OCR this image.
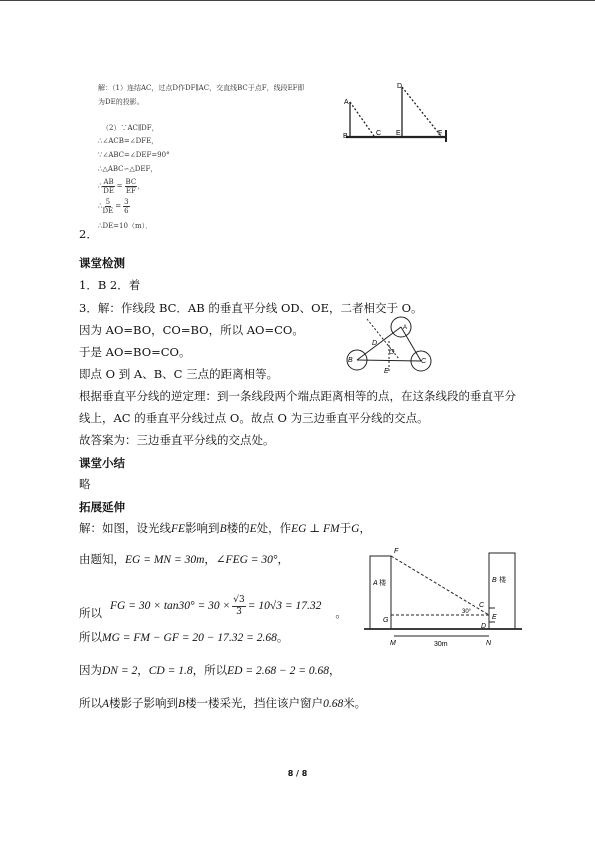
解：（1）连结AC，过点D作DF∥AC，交直线BC于点F，线段EF即
为DE的投影。
（2）∵AC∥DF，
∴∠ACB=∠DFE，
∵∠ABC=∠DEF=90°
∴△ABC∽△DEF，
∴ $\frac{AB}{DE} = \frac{BC}{EF}$ ，
∴ $\frac{5}{DE} = \frac{3}{6}$
∴DE=10（m）．
A
B	C
D
E	F
2．
课堂检测
1．B 2．着
3．解：作线段 BC．AB 的垂直平分线 OD、OE，二者相交于 O。
因为 AO=BO，CO=BO，所以 AO=CO。
于是 AO=BO=CO。
即点 O 到 A、B、C 三点的距离相等。
根据垂直平分线的逆定理：到一条线段两个端点距离相等的点，在这条线段的垂直平分
线上，AC 的垂直平分线过点 O。故点 O 为三边垂直平分线的交点。
故答案为：三边垂直平分线的交点处。
A
B	C
D
E
O
课堂小结
略
拓展延伸
解：如图，设光线FE影响到B楼的E处，作EG ⊥ FM于G，
由题知，EG = MN = 30m，∠FEG = 30°，
所以 FG = $30 \times \tan 30^\circ = 30 \times \frac{√3}{3} = 10√3 = 17.32$ 。
所以MG = FM − GF = 20 − 17.32 = 2.68。
因为DN = 2，CD = 1.8，所以ED = 2.68 − 2 = 0.68，
所以A楼影子影响到B楼一楼采光，挡住该户窗户0.68米。
F
A 楼	B 楼
G
30°
C
E
D
M	N
30m
8 / 8
